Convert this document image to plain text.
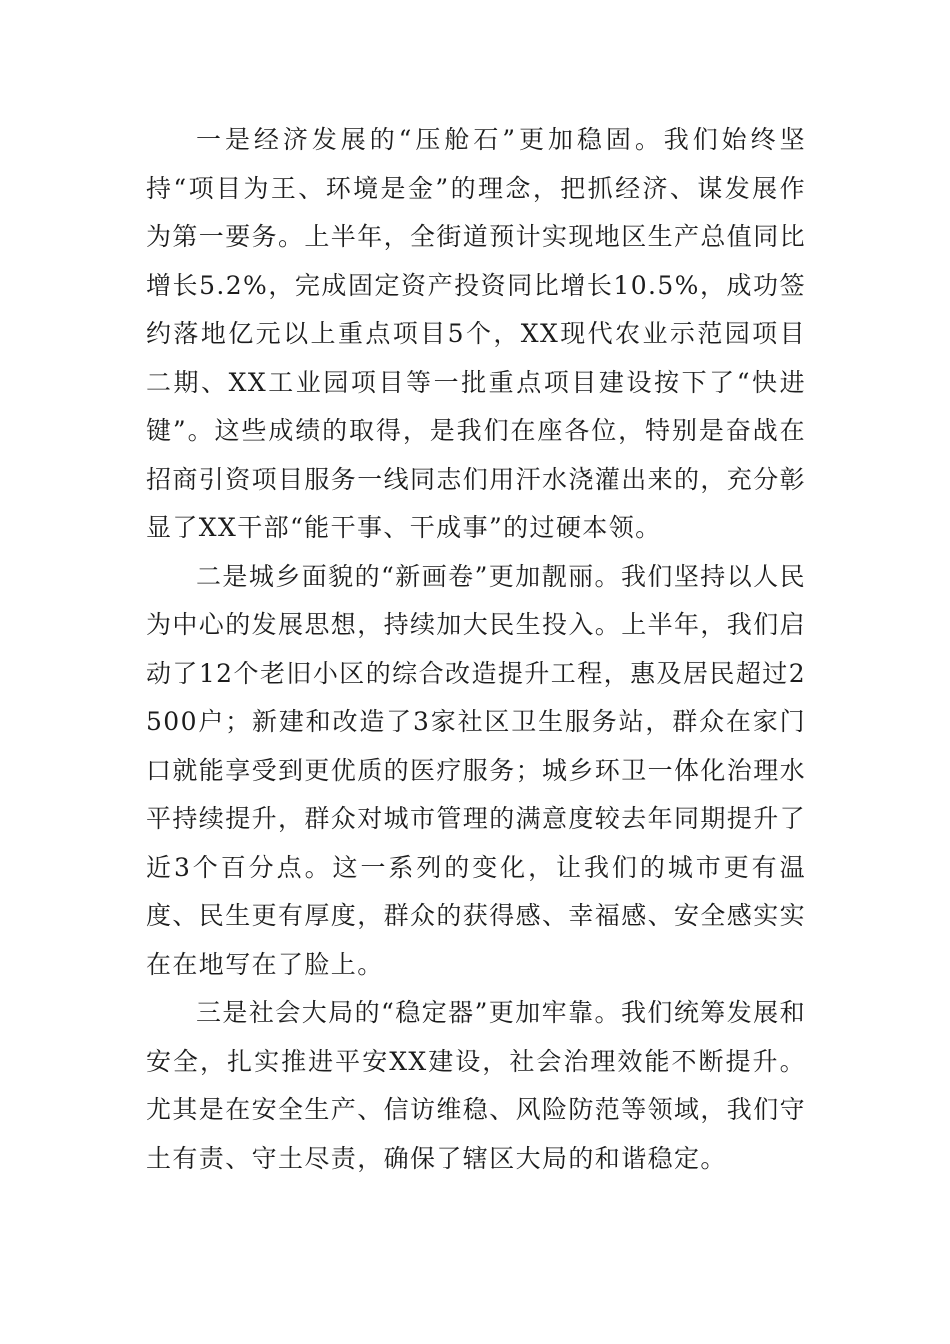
一是经济发展的“压舱石”更加稳固。我们始终坚持“项目为王、环境是金”的理念，把抓经济、谋发展作为第一要务。上半年，全街道预计实现地区生产总值同比增长5.2%，完成固定资产投资同比增长10.5%，成功签约落地亿元以上重点项目5个，XX现代农业示范园项目二期、XX工业园项目等一批重点项目建设按下了“快进键”。这些成绩的取得，是我们在座各位，特别是奋战在招商引资项目服务一线同志们用汗水浇灌出来的，充分彰显了XX干部“能干事、干成事”的过硬本领。

二是城乡面貌的“新画卷”更加靓丽。我们坚持以人民为中心的发展思想，持续加大民生投入。上半年，我们启动了12个老旧小区的综合改造提升工程，惠及居民超过2500户；新建和改造了3家社区卫生服务站，群众在家门口就能享受到更优质的医疗服务；城乡环卫一体化治理水平持续提升，群众对城市管理的满意度较去年同期提升了近3个百分点。这一系列的变化，让我们的城市更有温度、民生更有厚度，群众的获得感、幸福感、安全感实实在在地写在了脸上。

三是社会大局的“稳定器”更加牢靠。我们统筹发展和安全，扎实推进平安XX建设，社会治理效能不断提升。尤其是在安全生产、信访维稳、风险防范等领域，我们守土有责、守土尽责，确保了辖区大局的和谐稳定。
